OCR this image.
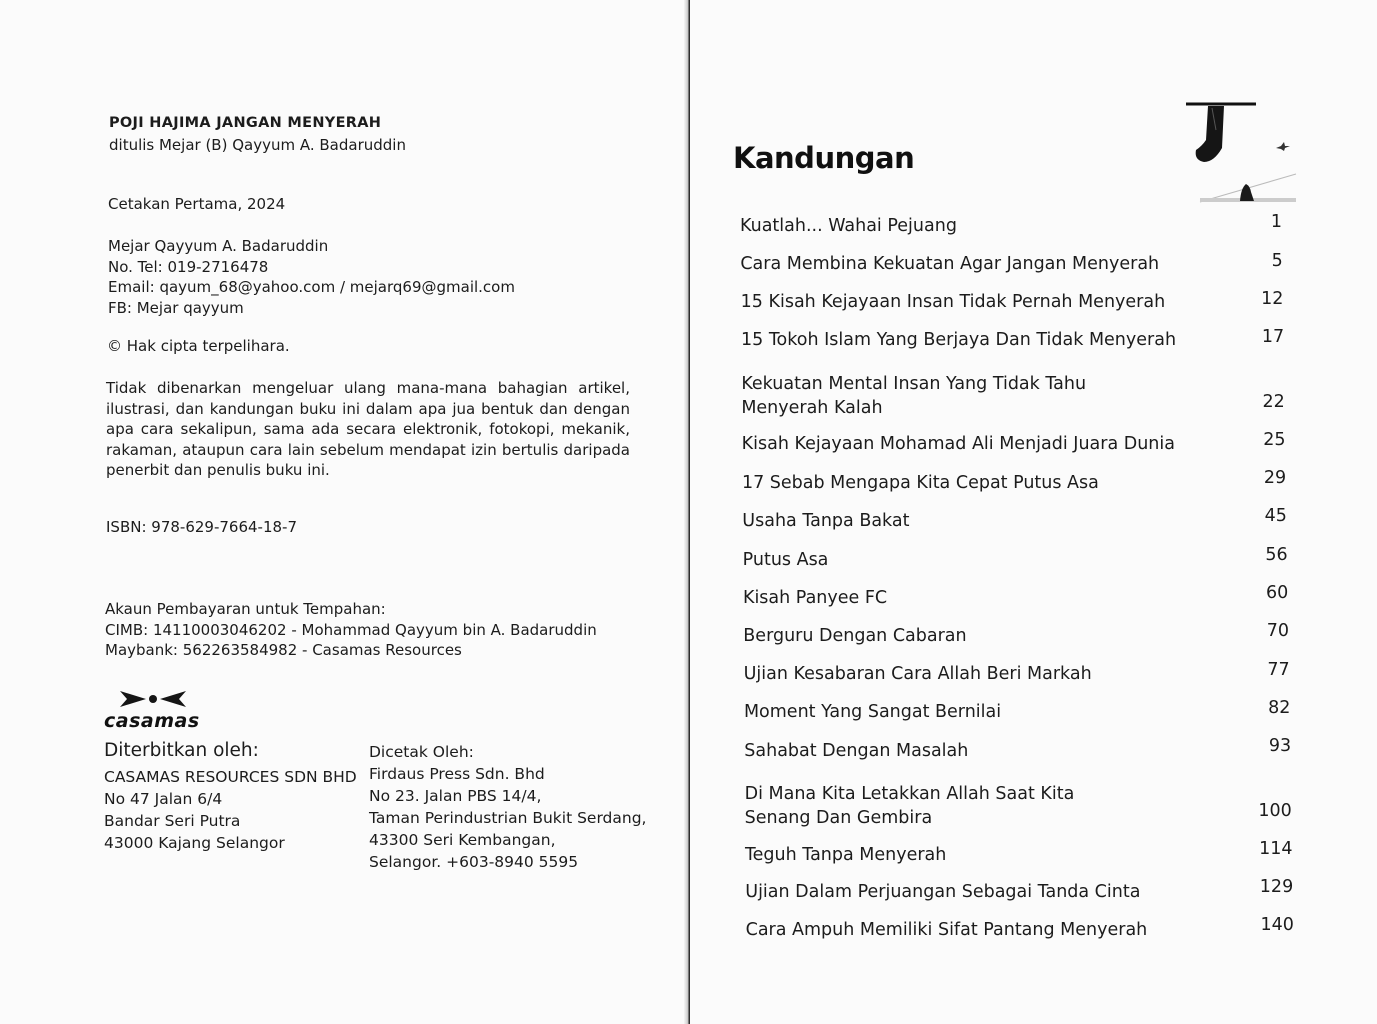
POJI HAJIMA JANGAN MENYERAH
ditulis Mejar (B) Qayyum A. Badaruddin
Cetakan Pertama, 2024
Mejar Qayyum A. Badaruddin
No. Tel: 019-2716478
Email: qayum_68@yahoo.com / mejarq69@gmail.com
FB: Mejar qayyum
© Hak cipta terpelihara.
Tidak dibenarkan mengeluar ulang mana-mana bahagian artikel, ilustrasi, dan kandungan buku ini dalam apa jua bentuk dan dengan apa cara sekalipun, sama ada secara elektronik, fotokopi, mekanik, rakaman, ataupun cara lain sebelum mendapat izin bertulis daripada penerbit dan penulis buku ini.
ISBN: 978-629-7664-18-7
Akaun Pembayaran untuk Tempahan:
CIMB: 14110003046202 - Mohammad Qayyum bin A. Badaruddin
Maybank: 562263584982 - Casamas Resources
casamas
Diterbitkan oleh:
CASAMAS RESOURCES SDN BHD
No 47 Jalan 6/4
Bandar Seri Putra
43000 Kajang Selangor
Dicetak Oleh:
Firdaus Press Sdn. Bhd
No 23. Jalan PBS 14/4,
Taman Perindustrian Bukit Serdang,
43300 Seri Kembangan,
Selangor. +603-8940 5595
Kandungan
Kuatlah... Wahai Pejuang	1
Cara Membina Kekuatan Agar Jangan Menyerah	5
15 Kisah Kejayaan Insan Tidak Pernah Menyerah	12
15 Tokoh Islam Yang Berjaya Dan Tidak Menyerah	17
Kekuatan Mental Insan Yang Tidak Tahu
Menyerah Kalah	22
Kisah Kejayaan Mohamad Ali Menjadi Juara Dunia	25
17 Sebab Mengapa Kita Cepat Putus Asa	29
Usaha Tanpa Bakat	45
Putus Asa	56
Kisah Panyee FC	60
Berguru Dengan Cabaran	70
Ujian Kesabaran Cara Allah Beri Markah	77
Moment Yang Sangat Bernilai	82
Sahabat Dengan Masalah	93
Di Mana Kita Letakkan Allah Saat Kita
Senang Dan Gembira	100
Teguh Tanpa Menyerah	114
Ujian Dalam Perjuangan Sebagai Tanda Cinta	129
Cara Ampuh Memiliki Sifat Pantang Menyerah	140
